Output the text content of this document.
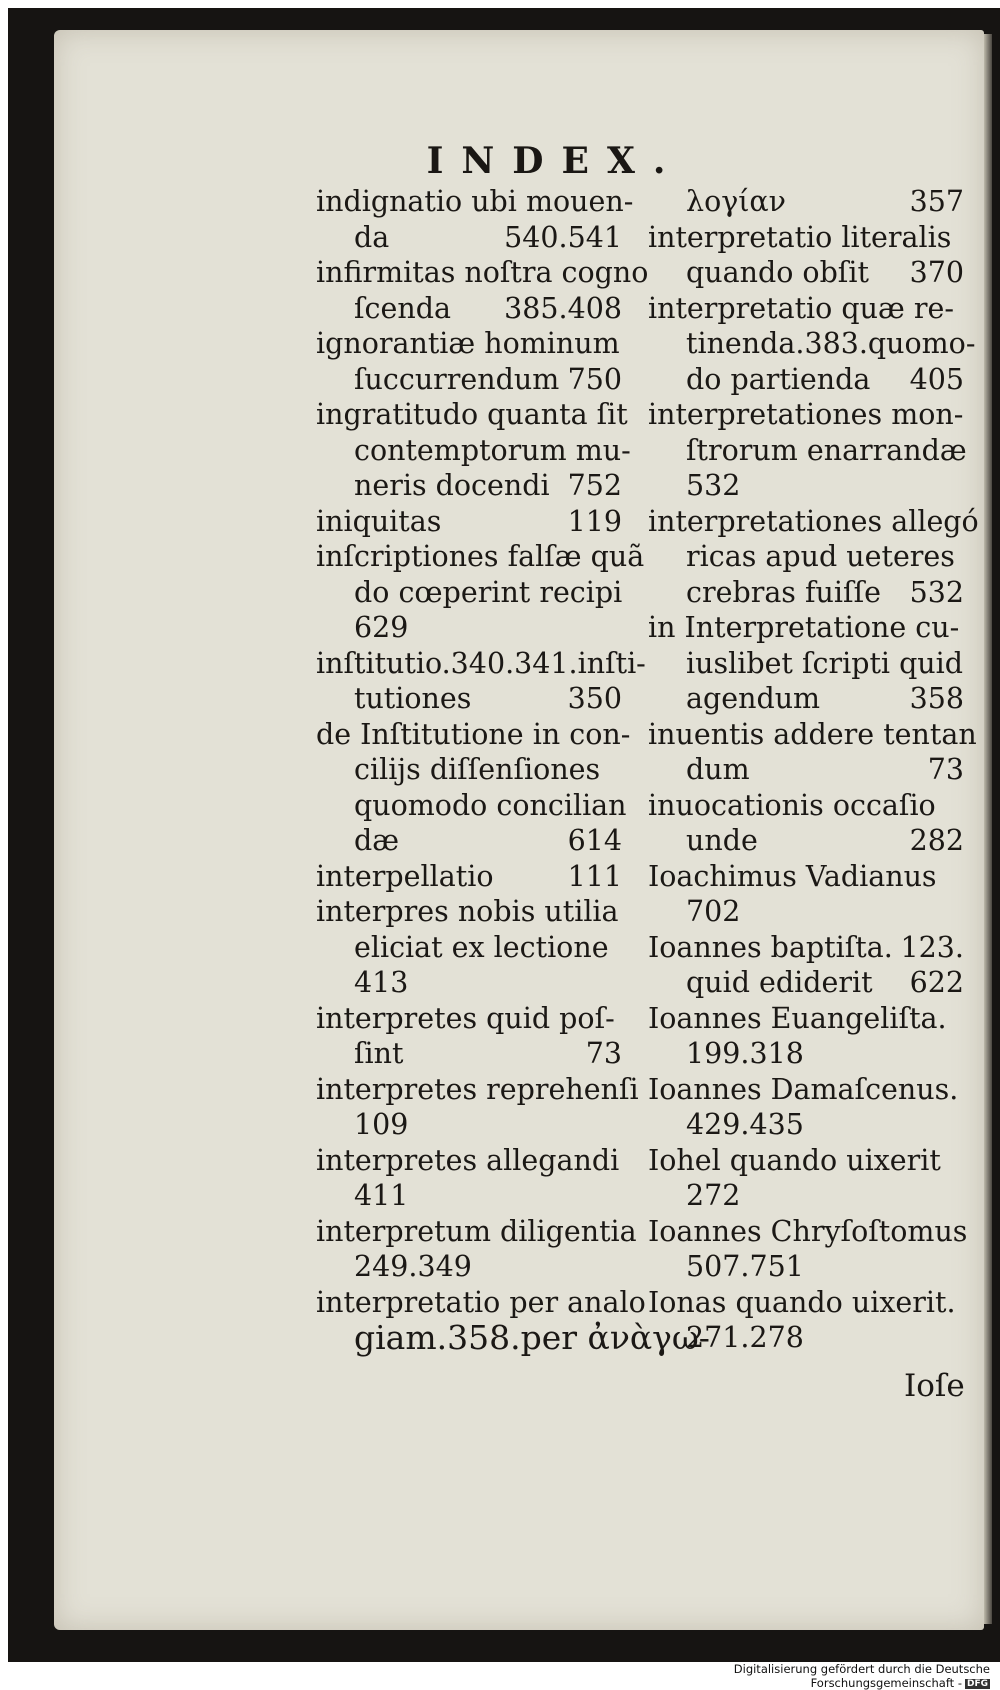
INDEX.
indignatio ubi mouen-
da	540.541
infirmitas noſtra cogno
ſcenda 385.408
ignorantiæ hominum
ſuccurrendum 750
ingratitudo quanta ſit
contemptorum mu-
neris docendi 752
iniquitas	119
inſcriptiones falſæ quã
do cœperint recipi
629
inſtitutio.340.341.inſti-
tutiones	350
de Inſtitutione in con-
cilijs diſſenſiones
quomodo concilian
dæ	614
interpellatio	111
interpres nobis utilia
eliciat ex lectione
413
interpretes quid poſ-
ſint	73
interpretes reprehenſi
109
interpretes allegandi
411
interpretum diligentia
249.349
interpretatio per analo
giam.358.per ἀνὰγω-
λογίαν	357
interpretatio literalis
quando obſit 370
interpretatio quæ re-
tinenda.383.quomo-
do partienda 405
interpretationes mon-
ſtrorum enarrandæ
532
interpretationes allegó
ricas apud ueteres
crebras fuiſſe 532
in Interpretatione cu-
iuslibet ſcripti quid
agendum	358
inuentis addere tentan
dum	73
inuocationis occaſio
unde	282
Ioachimus Vadianus
702
Ioannes baptiſta. 123.
quid ediderit 622
Ioannes Euangeliſta.
199.318
Ioannes Damaſcenus.
429.435
Iohel quando uixerit
272
Ioannes Chryſoſtomus
507.751
Ionas quando uixerit.
271.278
Ioſe
Digitalisierung gefördert durch die Deutsche Forschungsgemeinschaft - DFG
